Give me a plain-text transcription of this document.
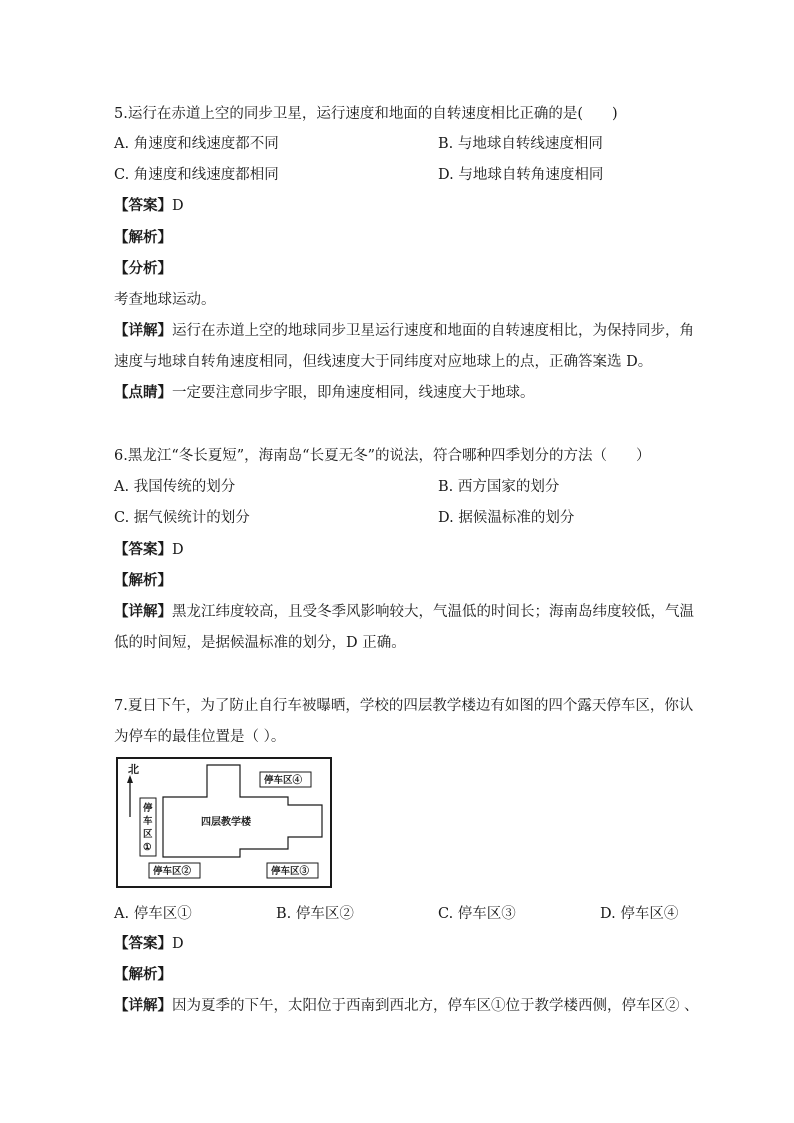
5.运行在赤道上空的同步卫星，运行速度和地面的自转速度相比正确的是(　　)
A. 角速度和线速度都不同	B. 与地球自转线速度相同
C. 角速度和线速度都相同	D. 与地球自转角速度相同
【答案】D
【解析】
【分析】
考查地球运动。
【详解】运行在赤道上空的地球同步卫星运行速度和地面的自转速度相比，为保持同步，角
速度与地球自转角速度相同，但线速度大于同纬度对应地球上的点，正确答案选 D。
【点睛】一定要注意同步字眼，即角速度相同，线速度大于地球。
6.黑龙江“冬长夏短”，海南岛“长夏无冬”的说法，符合哪种四季划分的方法（　　）
A. 我国传统的划分	B. 西方国家的划分
C. 据气候统计的划分	D. 据候温标准的划分
【答案】D
【解析】
【详解】黑龙江纬度较高，且受冬季风影响较大，气温低的时间长；海南岛纬度较低，气温
低的时间短，是据候温标准的划分，D 正确。
7.夏日下午，为了防止自行车被曝晒，学校的四层教学楼边有如图的四个露天停车区，你认
为停车的最佳位置是（ ）。
北
四层教学楼
停车区④
停
车
区
①
停车区②	停车区③
A. 停车区①	B. 停车区②	C. 停车区③	D. 停车区④
【答案】D
【解析】
【详解】因为夏季的下午，太阳位于西南到西北方，停车区①位于教学楼西侧，停车区② 、
